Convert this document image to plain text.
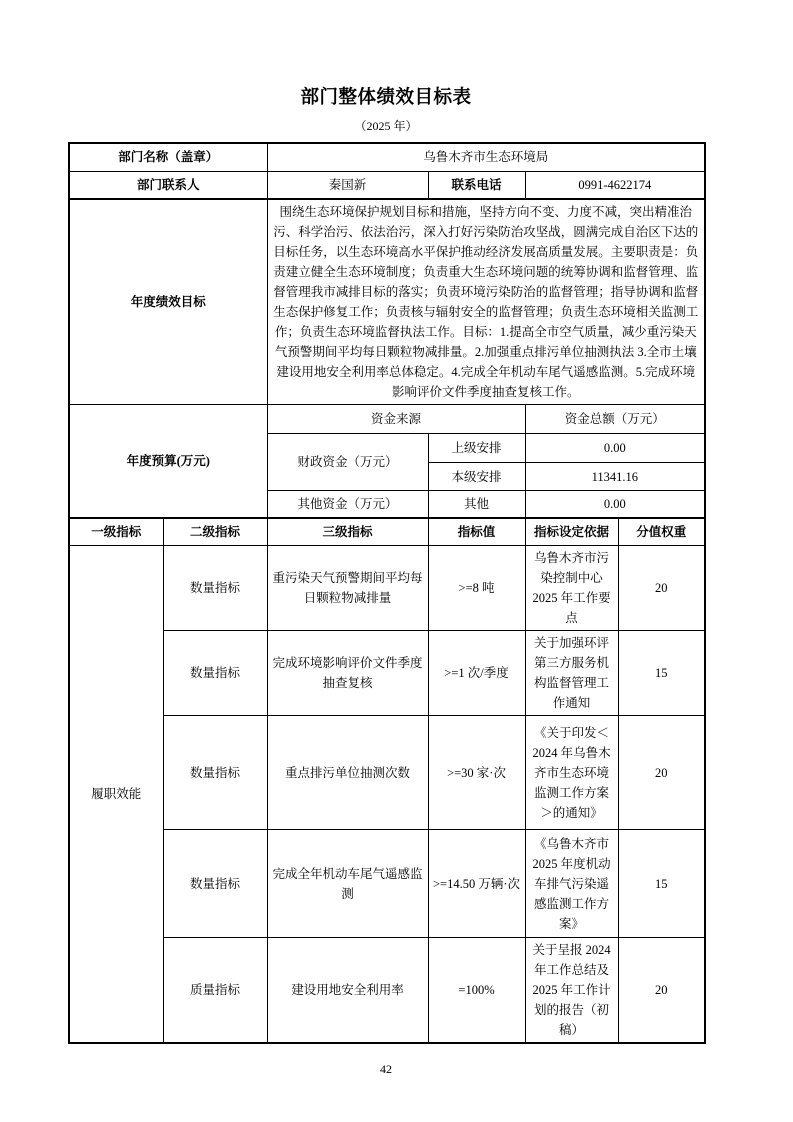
部门整体绩效目标表
（2025 年）
部门名称（盖章）		乌鲁木齐市生态环境局			
部门联系人		秦国新	联系电话	0991-4622174	
年度绩效目标		围绕生态环境保护规划目标和措施，坚持方向不变、力度不减，突出精准治污、科学治污、依法治污，深入打好污染防治攻坚战，圆满完成自治区下达的目标任务，以生态环境高水平保护推动经济发展高质量发展。主要职责是：负责建立健全生态环境制度；负责重大生态环境问题的统筹协调和监督管理、监督管理我市减排目标的落实；负责环境污染防治的监督管理；指导协调和监督生态保护修复工作；负责核与辐射安全的监督管理；负责生态环境相关监测工作；负责生态环境监督执法工作。目标：1.提高全市空气质量，减少重污染天气预警期间平均每日颗粒物减排量。2.加强重点排污单位抽测执法 3.全市土壤建设用地安全利用率总体稳定。4.完成全年机动车尾气遥感监测。5.完成环境影响评价文件季度抽查复核工作。			
年度预算(万元)		资金来源		资金总额（万元）	
		财政资金（万元）	上级安排	0.00	
			本级安排	11341.16	
		其他资金（万元）	其他	0.00	
一级指标	二级指标	三级指标	指标值	指标设定依据	分值权重
履职效能	数量指标	重污染天气预警期间平均每日颗粒物减排量	>=8 吨	乌鲁木齐市污染控制中心 2025 年工作要点	20
	数量指标	完成环境影响评价文件季度抽查复核	>=1 次/季度	关于加强环评第三方服务机构监督管理工作通知	15
	数量指标	重点排污单位抽测次数	>=30 家·次	《关于印发＜2024 年乌鲁木齐市生态环境监测工作方案＞的通知》	20
	数量指标	完成全年机动车尾气遥感监测	>=14.50 万辆·次	《乌鲁木齐市 2025 年度机动车排气污染遥感监测工作方案》	15
	质量指标	建设用地安全利用率	=100%	关于呈报 2024 年工作总结及 2025 年工作计划的报告（初稿）	20
42
